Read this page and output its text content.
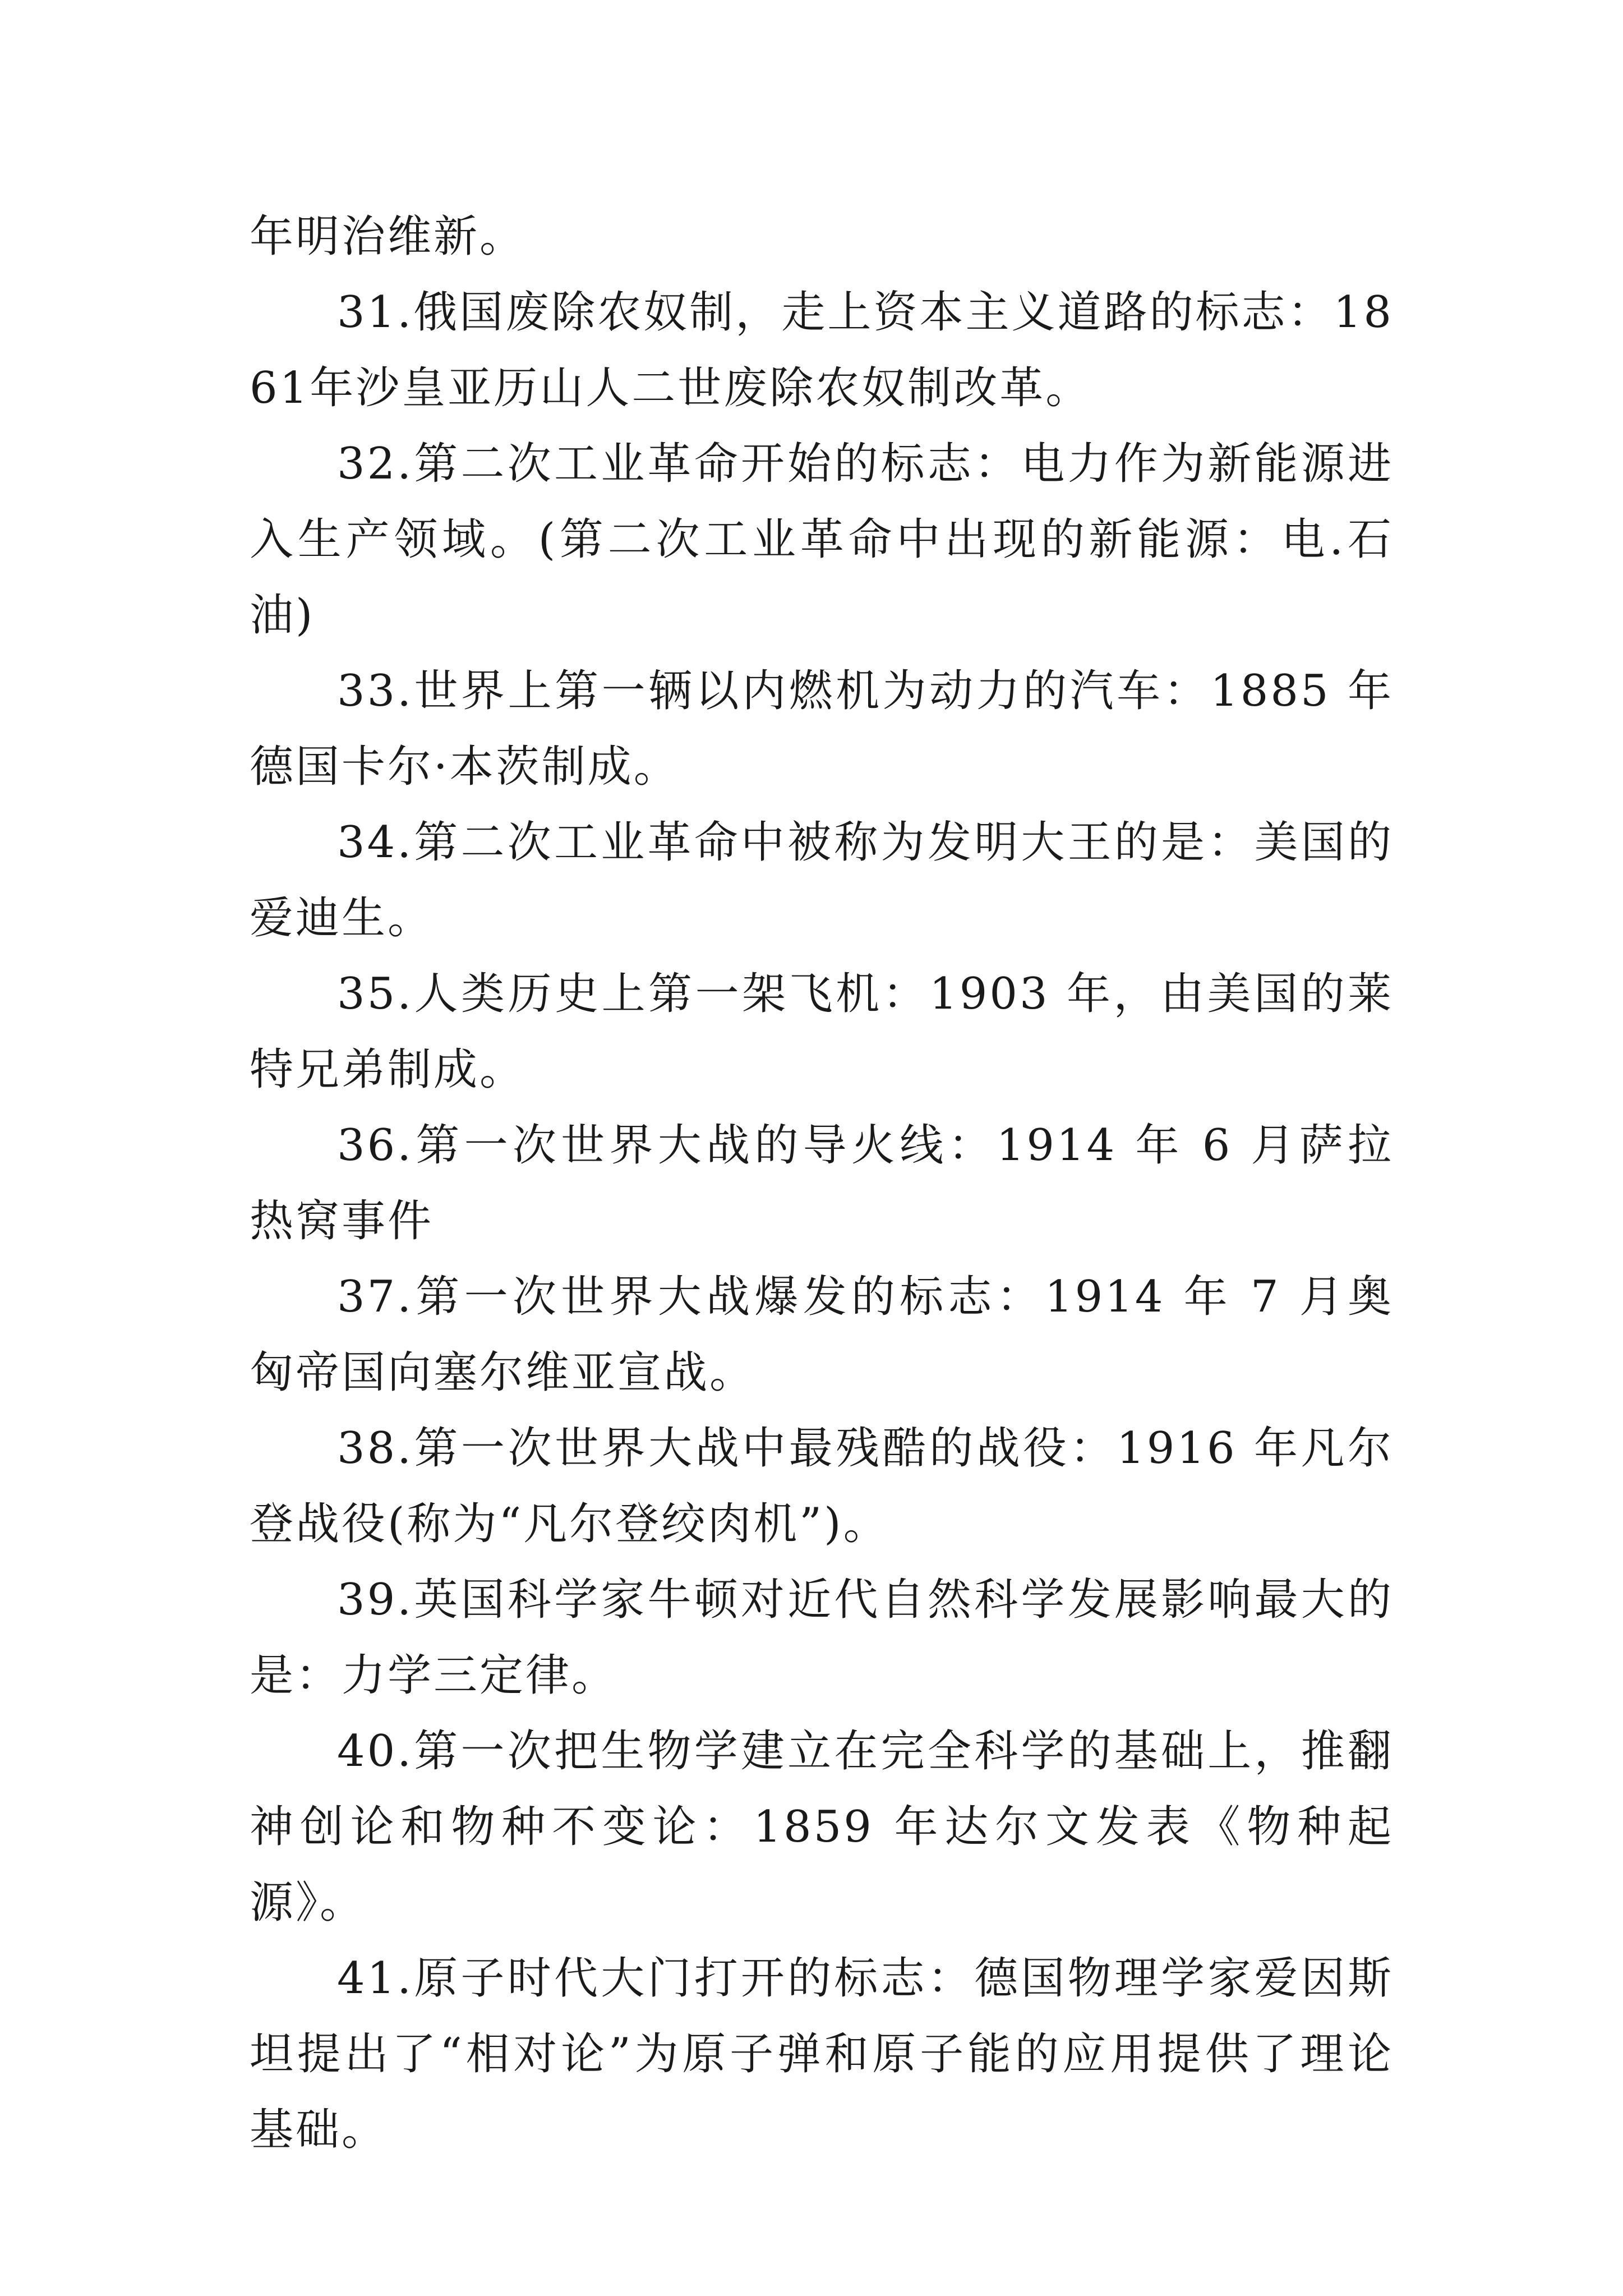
年明治维新。

31.俄国废除农奴制，走上资本主义道路的标志：1861年沙皇亚历山人二世废除农奴制改革。

32.第二次工业革命开始的标志：电力作为新能源进入生产领域。(第二次工业革命中出现的新能源：电.石油)

33.世界上第一辆以内燃机为动力的汽车：1885 年德国卡尔·本茨制成。

34.第二次工业革命中被称为发明大王的是：美国的爱迪生。

35.人类历史上第一架飞机：1903 年，由美国的莱特兄弟制成。

36.第一次世界大战的导火线：1914 年 6 月萨拉热窝事件

37.第一次世界大战爆发的标志：1914 年 7 月奥匈帝国向塞尔维亚宣战。

38.第一次世界大战中最残酷的战役：1916 年凡尔登战役(称为“凡尔登绞肉机”)。

39.英国科学家牛顿对近代自然科学发展影响最大的是：力学三定律。

40.第一次把生物学建立在完全科学的基础上，推翻神创论和物种不变论：1859 年达尔文发表《物种起源》。

41.原子时代大门打开的标志：德国物理学家爱因斯坦提出了“相对论”为原子弹和原子能的应用提供了理论基础。
